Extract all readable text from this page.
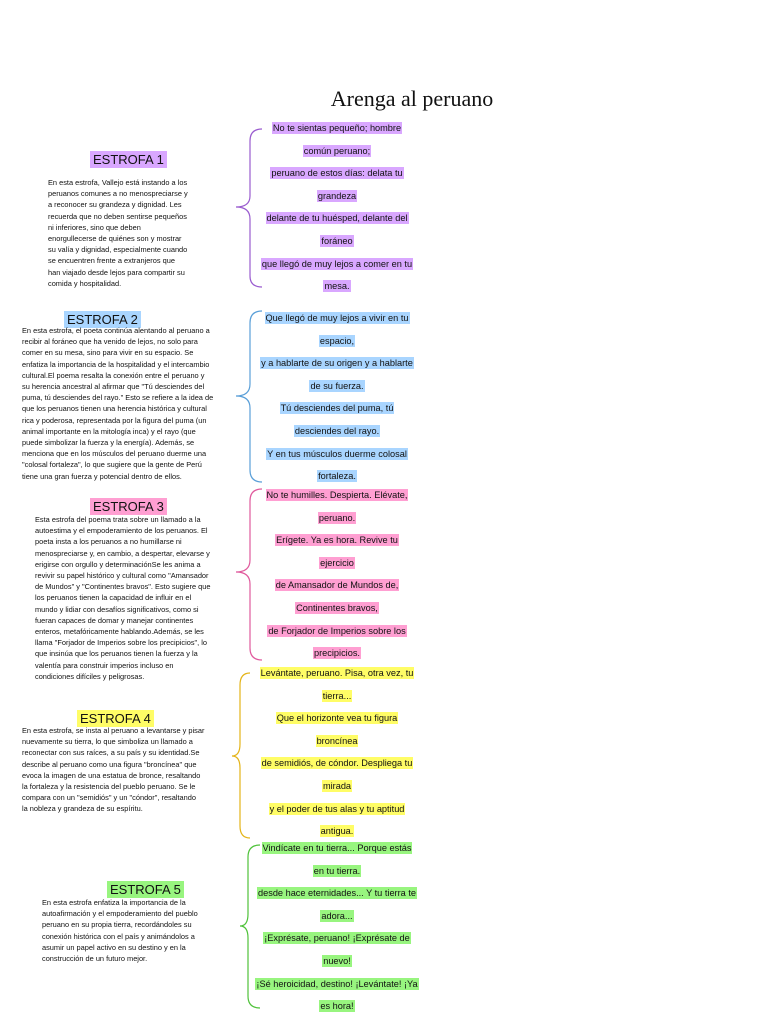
Arenga al peruano
ESTROFA 1
ESTROFA 2
ESTROFA 3
ESTROFA 4
ESTROFA 5
En esta estrofa, Vallejo está instando a los
peruanos comunes a no menospreciarse y
a reconocer su grandeza y dignidad. Les
recuerda que no deben sentirse pequeños
ni inferiores, sino que deben
enorgullecerse de quiénes son y mostrar
su valía y dignidad, especialmente cuando
se encuentren frente a extranjeros que
han viajado desde lejos para compartir su
comida y hospitalidad.
En esta estrofa, el poeta continúa alentando al peruano a
recibir al foráneo que ha venido de lejos, no solo para
comer en su mesa, sino para vivir en su espacio. Se
enfatiza la importancia de la hospitalidad y el intercambio
cultural.El poema resalta la conexión entre el peruano y
su herencia ancestral al afirmar que "Tú desciendes del
puma, tú desciendes del rayo." Esto se refiere a la idea de
que los peruanos tienen una herencia histórica y cultural
rica y poderosa, representada por la figura del puma (un
animal importante en la mitología inca) y el rayo (que
puede simbolizar la fuerza y la energía). Además, se
menciona que en los músculos del peruano duerme una
"colosal fortaleza", lo que sugiere que la gente de Perú
tiene una gran fuerza y potencial dentro de ellos.
Esta estrofa del poema trata sobre un llamado a la
autoestima y el empoderamiento de los peruanos. El
poeta insta a los peruanos a no humillarse ni
menospreciarse y, en cambio, a despertar, elevarse y
erigirse con orgullo y determinaciónSe les anima a
revivir su papel histórico y cultural como "Amansador
de Mundos" y "Continentes bravos". Esto sugiere que
los peruanos tienen la capacidad de influir en el
mundo y lidiar con desafíos significativos, como si
fueran capaces de domar y manejar continentes
enteros, metafóricamente hablando.Además, se les
llama "Forjador de Imperios sobre los precipicios", lo
que insinúa que los peruanos tienen la fuerza y la
valentía para construir imperios incluso en
condiciones difíciles y peligrosas.
En esta estrofa, se insta al peruano a levantarse y pisar
nuevamente su tierra, lo que simboliza un llamado a
reconectar con sus raíces, a su país y su identidad.Se
describe al peruano como una figura "broncínea" que
evoca la imagen de una estatua de bronce, resaltando
la fortaleza y la resistencia del pueblo peruano. Se le
compara con un "semidiós" y un "cóndor", resaltando
la nobleza y grandeza de su espíritu.
En esta estrofa enfatiza la importancia de la
autoafirmación y el empoderamiento del pueblo
peruano en su propia tierra, recordándoles su
conexión histórica con el país y animándolos a
asumir un papel activo en su destino y en la
construcción de un futuro mejor.
No te sientas pequeño; hombre
común peruano;
peruano de estos días: delata tu
grandeza
delante de tu huésped, delante del
foráneo
que llegó de muy lejos a comer en tu
mesa.
Que llegó de muy lejos a vivir en tu
espacio,
y a hablarte de su origen y a hablarte
de su fuerza.
Tú desciendes del puma, tú
desciendes del rayo.
Y en tus músculos duerme colosal
fortaleza.
No te humilles. Despierta. Elévate,
peruano.
Erígete. Ya es hora. Revive tu
ejercicio
de Amansador de Mundos de,
Continentes bravos,
de Forjador de Imperios sobre los
precipicios.
Levántate, peruano. Pisa, otra vez, tu
tierra...
Que el horizonte vea tu figura
broncínea
de semidiós, de cóndor. Despliega tu
mirada
y el poder de tus alas y tu aptitud
antigua.
Vindícate en tu tierra... Porque estás
en tu tierra.
desde hace eternidades... Y tu tierra te
adora...
¡Exprésate, peruano! ¡Exprésate de
nuevo!
¡Sé heroicidad, destino! ¡Levántate! ¡Ya
es hora!
